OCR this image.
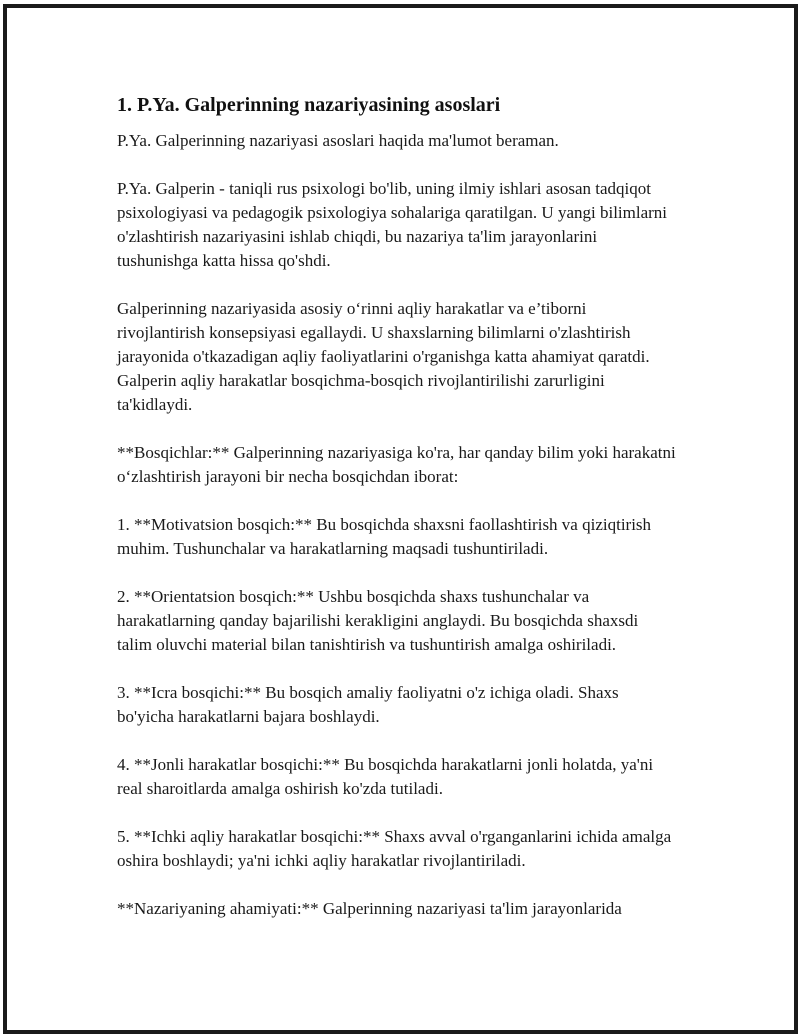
1. P.Ya. Galperinning nazariyasining asoslari

P.Ya. Galperinning nazariyasi asoslari haqida ma'lumot beraman.

P.Ya. Galperin - taniqli rus psixologi bo'lib, uning ilmiy ishlari asosan tadqiqot psixologiyasi va pedagogik psixologiya sohalariga qaratilgan. U yangi bilimlarni o'zlashtirish nazariyasini ishlab chiqdi, bu nazariya ta'lim jarayonlarini tushunishga katta hissa qo'shdi.

Galperinning nazariyasida asosiy o‘rinni aqliy harakatlar va e’tiborni rivojlantirish konsepsiyasi egallaydi. U shaxslarning bilimlarni o'zlashtirish jarayonida o'tkazadigan aqliy faoliyatlarini o'rganishga katta ahamiyat qaratdi. Galperin aqliy harakatlar bosqichma-bosqich rivojlantirilishi zarurligini ta'kidlaydi.

**Bosqichlar:** Galperinning nazariyasiga ko'ra, har qanday bilim yoki harakatni o‘zlashtirish jarayoni bir necha bosqichdan iborat:

1. **Motivatsion bosqich:** Bu bosqichda shaxsni faollashtirish va qiziqtirish muhim. Tushunchalar va harakatlarning maqsadi tushuntiriladi.

2. **Orientatsion bosqich:** Ushbu bosqichda shaxs tushunchalar va harakatlarning qanday bajarilishi kerakligini anglaydi. Bu bosqichda shaxsdi talim oluvchi material bilan tanishtirish va tushuntirish amalga oshiriladi.

3. **Icra bosqichi:** Bu bosqich amaliy faoliyatni o'z ichiga oladi. Shaxs bo'yicha harakatlarni bajara boshlaydi.

4. **Jonli harakatlar bosqichi:** Bu bosqichda harakatlarni jonli holatda, ya'ni real sharoitlarda amalga oshirish ko'zda tutiladi.

5. **Ichki aqliy harakatlar bosqichi:** Shaxs avval o'rganganlarini ichida amalga oshira boshlaydi; ya'ni ichki aqliy harakatlar rivojlantiriladi.

**Nazariyaning ahamiyati:** Galperinning nazariyasi ta'lim jarayonlarida
